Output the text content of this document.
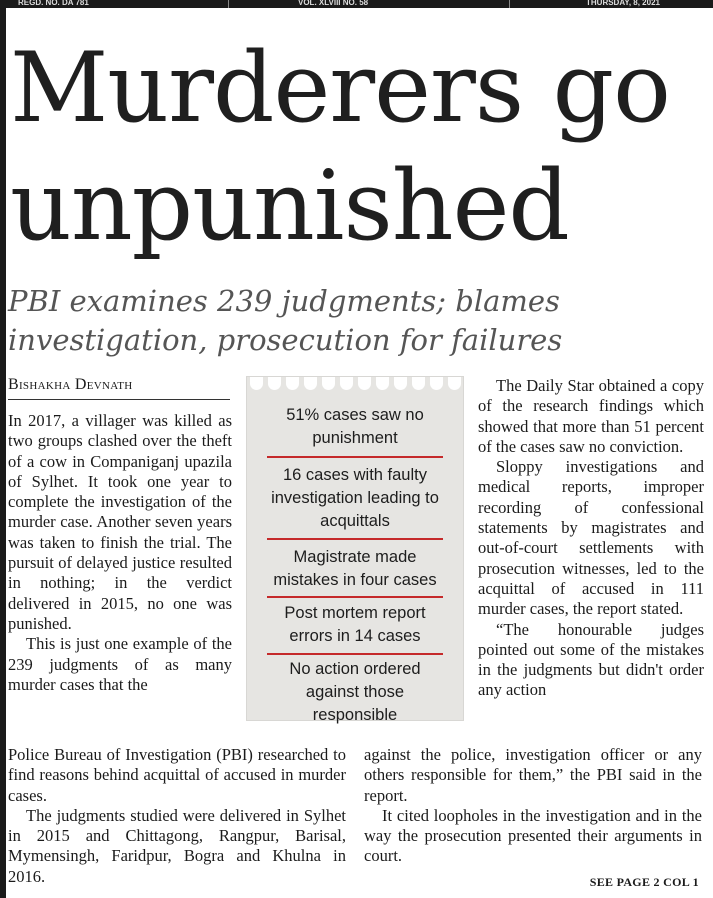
REGD. NO. DA 781	VOL. XLVIII NO. 58	THURSDAY, 8, 2021
Murderers go
unpunished
PBI examines 239 judgments; blames investigation, prosecution for failures
Bishakha Devnath

In 2017, a villager was killed as two groups clashed over the theft of a cow in Companiganj upazila of Sylhet. It took one year to complete the investigation of the murder case. Another seven years was taken to finish the trial. The pursuit of delayed justice resulted in nothing; in the verdict delivered in 2015, no one was punished.

This is just one example of the 239 judgments of as many murder cases that the

51% cases saw no punishment
16 cases with faulty investigation leading to acquittals
Magistrate made mistakes in four cases
Post mortem report errors in 14 cases
No action ordered against those responsible

The Daily Star obtained a copy of the research findings which showed that more than 51 percent of the cases saw no conviction.

Sloppy investigations and medical reports, improper recording of confessional statements by magistrates and out-of-court settlements with prosecution witnesses, led to the acquittal of accused in 111 murder cases, the report stated.

“The honourable judges pointed out some of the mistakes in the judgments but didn't order any action

Police Bureau of Investigation (PBI) researched to find reasons behind acquittal of accused in murder cases.

The judgments studied were delivered in Sylhet in 2015 and Chittagong, Rangpur, Barisal, Mymensingh, Faridpur, Bogra and Khulna in 2016.

against the police, investigation officer or any others responsible for them,” the PBI said in the report.

It cited loopholes in the investigation and in the way the prosecution presented their arguments in court.

SEE PAGE 2 COL 1
